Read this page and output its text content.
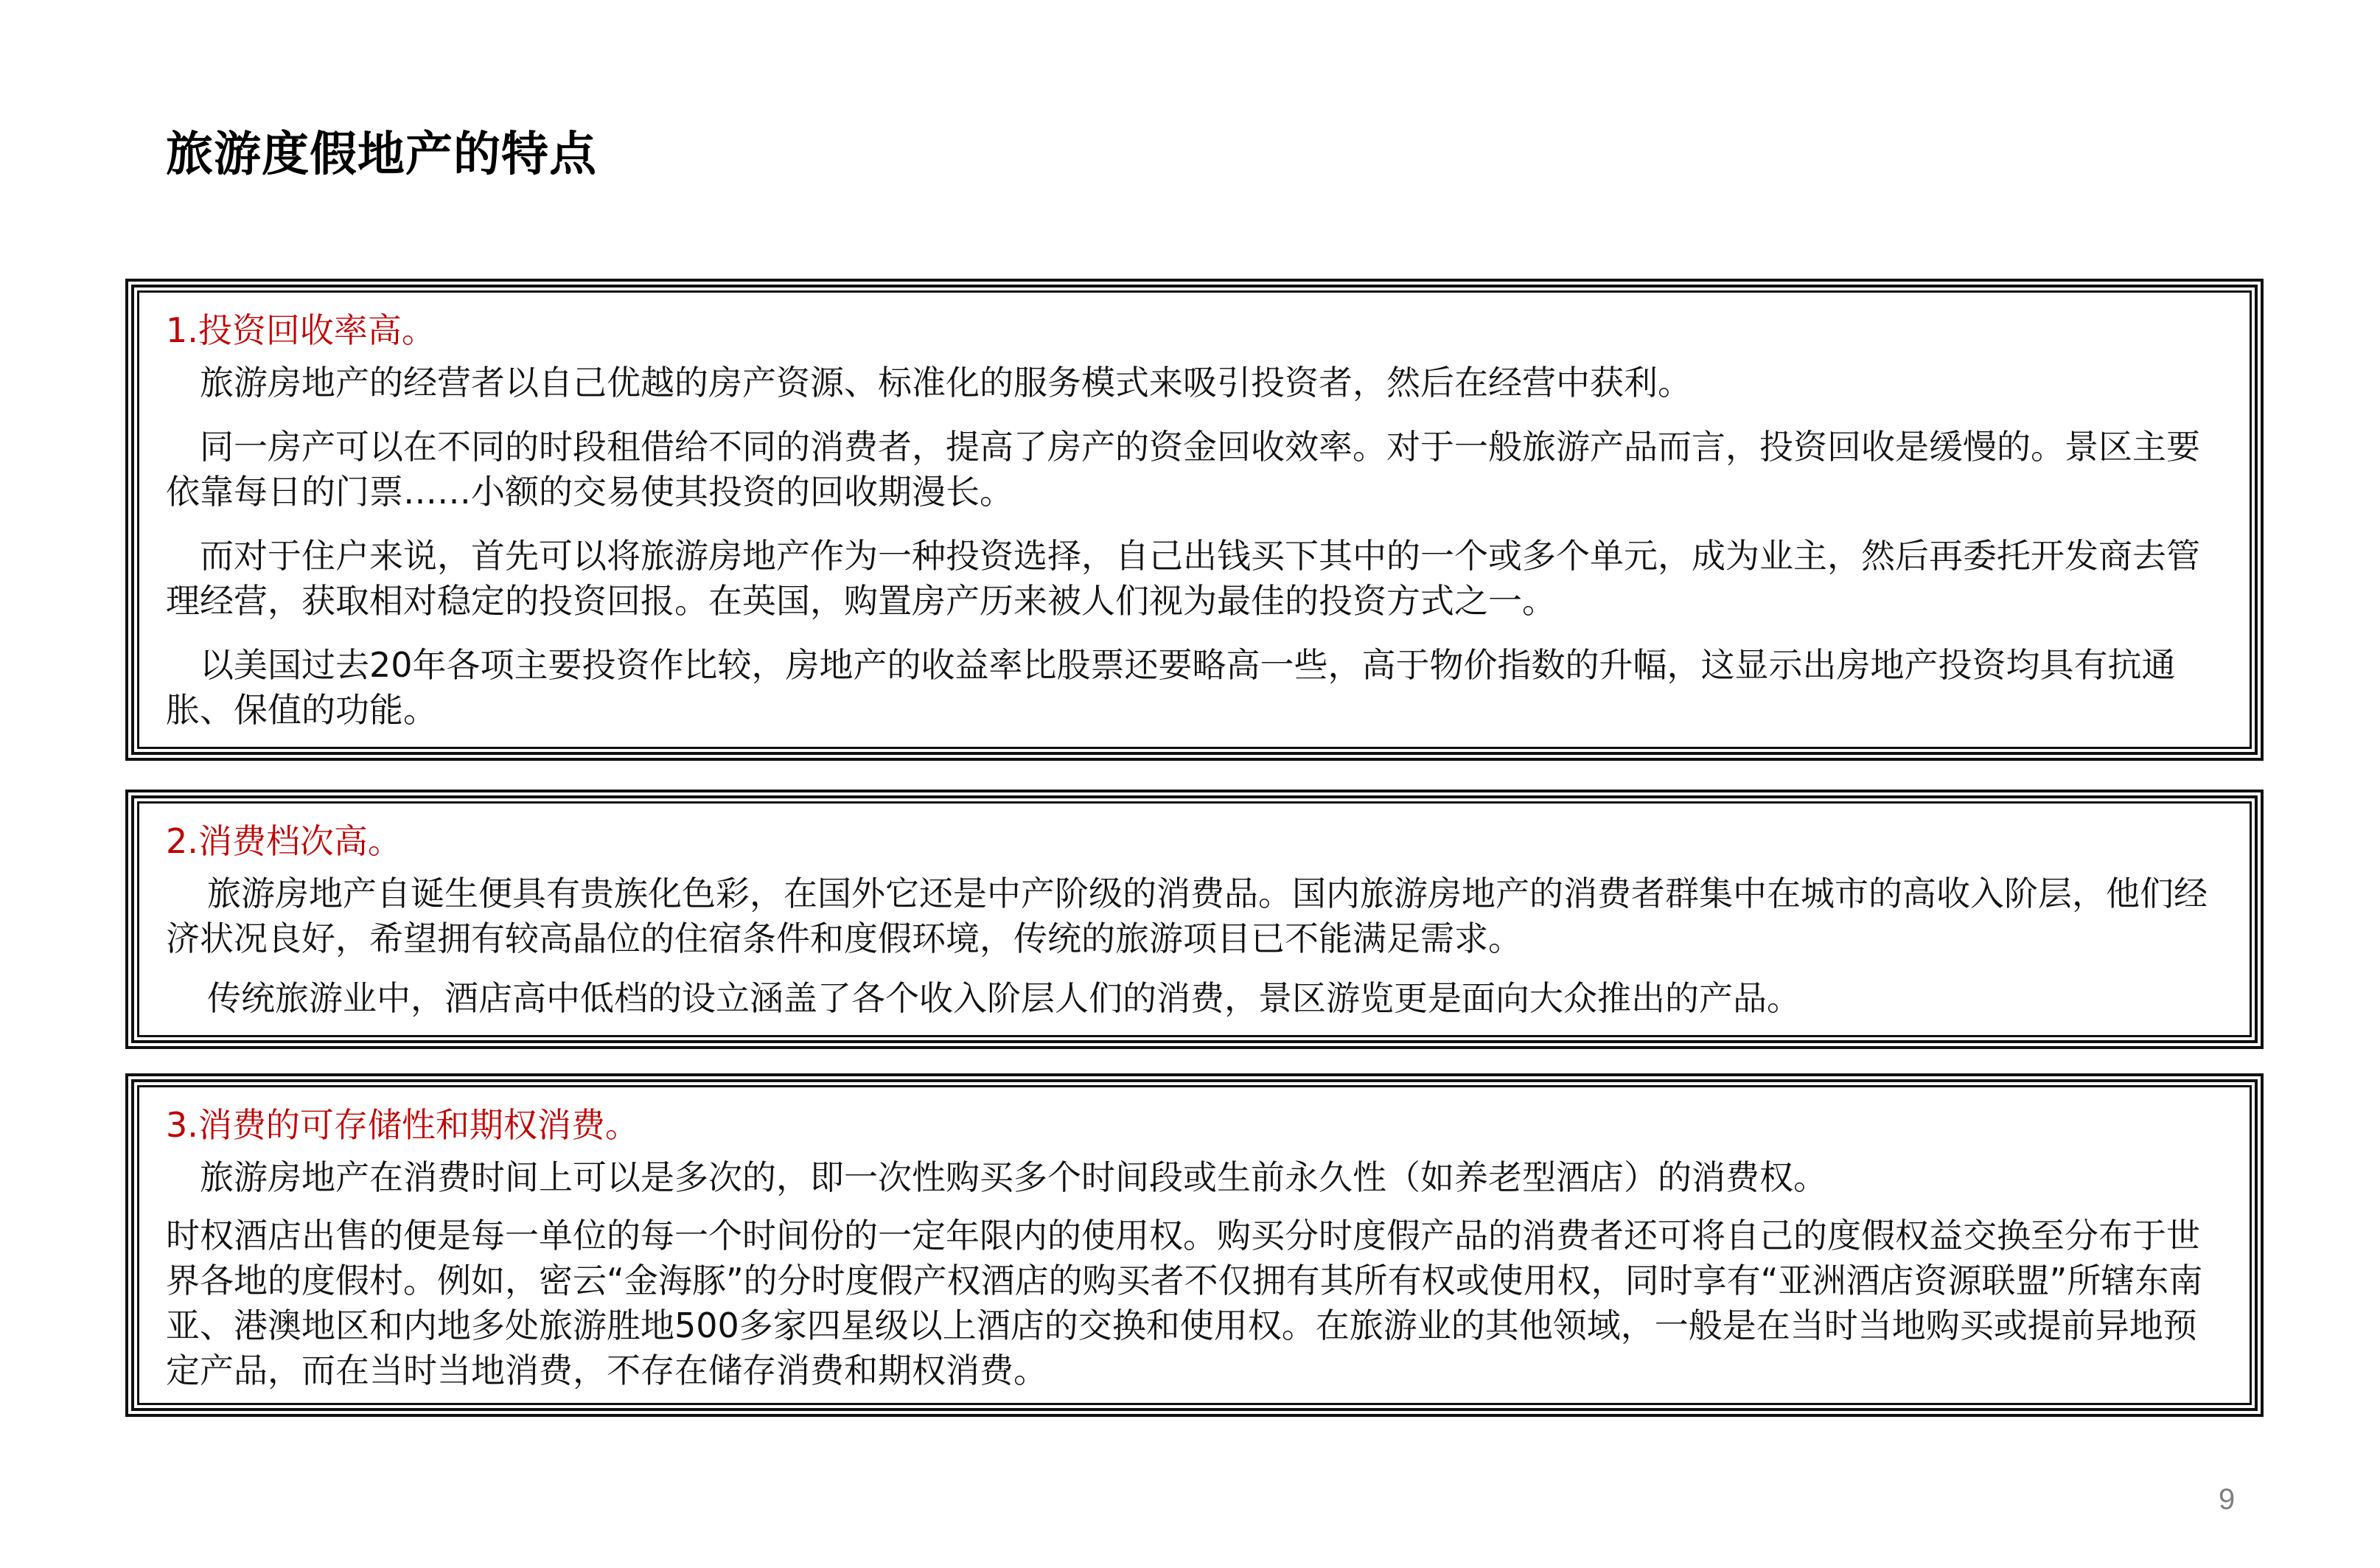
旅游度假地产的特点
1.投资回收率高。

旅游房地产的经营者以自己优越的房产资源、标准化的服务模式来吸引投资者，然后在经营中获利。

同一房产可以在不同的时段租借给不同的消费者，提高了房产的资金回收效率。对于一般旅游产品而言，投资回收是缓慢的。景区主要依靠每日的门票……小额的交易使其投资的回收期漫长。

而对于住户来说，首先可以将旅游房地产作为一种投资选择，自己出钱买下其中的一个或多个单元，成为业主，然后再委托开发商去管理经营，获取相对稳定的投资回报。在英国，购置房产历来被人们视为最佳的投资方式之一。

以美国过去20年各项主要投资作比较，房地产的收益率比股票还要略高一些，高于物价指数的升幅，这显示出房地产投资均具有抗通胀、保值的功能。

2.消费档次高。

旅游房地产自诞生便具有贵族化色彩，在国外它还是中产阶级的消费品。国内旅游房地产的消费者群集中在城市的高收入阶层，他们经济状况良好，希望拥有较高晶位的住宿条件和度假环境，传统的旅游项目已不能满足需求。

传统旅游业中，酒店高中低档的设立涵盖了各个收入阶层人们的消费，景区游览更是面向大众推出的产品。

3.消费的可存储性和期权消费。

旅游房地产在消费时间上可以是多次的，即一次性购买多个时间段或生前永久性（如养老型酒店）的消费权。

时权酒店出售的便是每一单位的每一个时间份的一定年限内的使用权。购买分时度假产品的消费者还可将自己的度假权益交换至分布于世界各地的度假村。例如，密云“金海豚”的分时度假产权酒店的购买者不仅拥有其所有权或使用权，同时享有“亚洲酒店资源联盟”所辖东南亚、港澳地区和内地多处旅游胜地500多家四星级以上酒店的交换和使用权。在旅游业的其他领域，一般是在当时当地购买或提前异地预定产品，而在当时当地消费，不存在储存消费和期权消费。

9
